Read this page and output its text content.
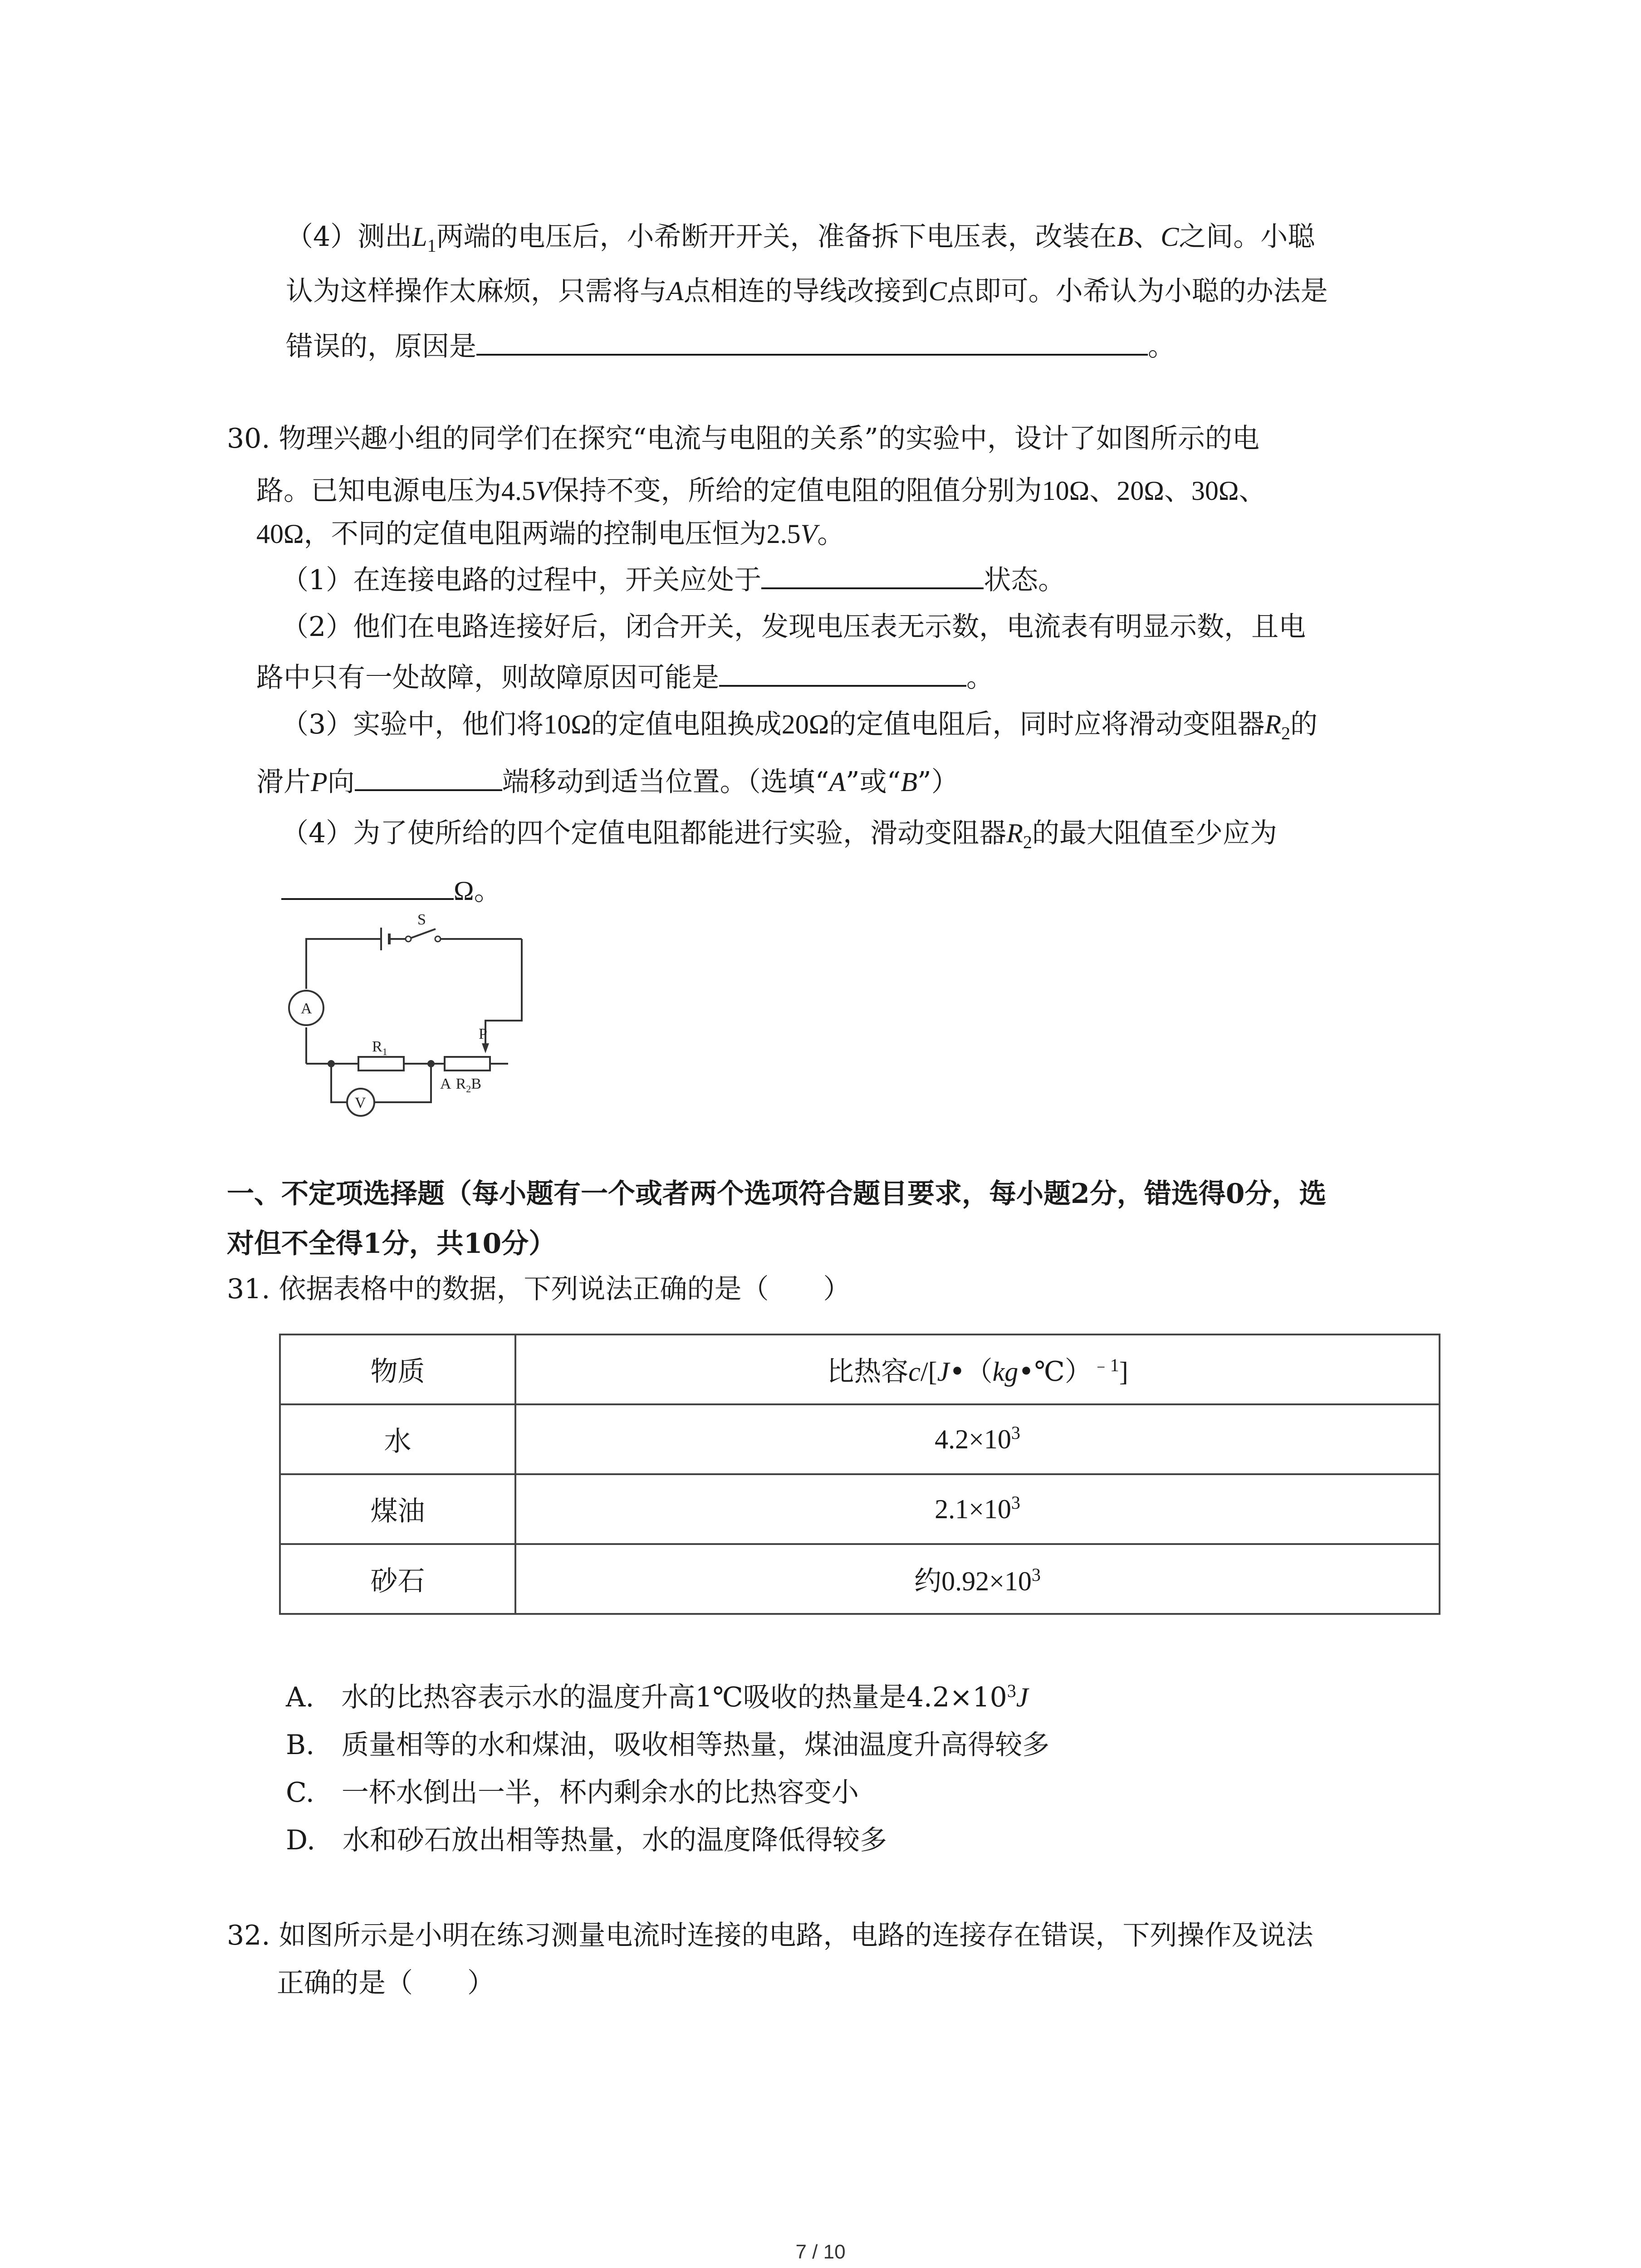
（4）测出$L_1$两端的电压后，小希断开开关，准备拆下电压表，改装在B、C之间。小聪
认为这样操作太麻烦，只需将与A点相连的导线改接到C点即可。小希认为小聪的办法是
错误的，原因是	。
30. 物理兴趣小组的同学们在探究“电流与电阻的关系”的实验中，设计了如图所示的电
路。已知电源电压为4.5V保持不变，所给的定值电阻的阻值分别为10Ω、20Ω、30Ω、
40Ω，不同的定值电阻两端的控制电压恒为2.5V。
（1）在连接电路的过程中，开关应处于	状态。
（2）他们在电路连接好后，闭合开关，发现电压表无示数，电流表有明显示数，且电
路中只有一处故障，则故障原因可能是	。
（3）实验中，他们将10Ω的定值电阻换成20Ω的定值电阻后，同时应将滑动变阻器$R_2$的
滑片P向	端移动到适当位置。（选填“A”或“B”）
（4）为了使所给的四个定值电阻都能进行实验，滑动变阻器$R_2$的最大阻值至少应为
Ω。
S
A
V
$R_1$
P
A $R_2B$
一、不定项选择题（每小题有一个或者两个选项符合题目要求，每小题2分，错选得0分，选
对但不全得1分，共10分）
31. 依据表格中的数据，下列说法正确的是（　　）
物质	比热容c/[J•（kg•℃）$^{﹣1}$]
水	$4.2\times 10^3$
煤油	$2.1\times 10^3$
砂石	约$0.92\times 10^3$
A.　 水的比热容表示水的温度升高1℃吸收的热量是$4.2\times 10^3J$
B.　 质量相等的水和煤油，吸收相等热量，煤油温度升高得较多
C.　 一杯水倒出一半，杯内剩余水的比热容变小
D.　 水和砂石放出相等热量，水的温度降低得较多
32. 如图所示是小明在练习测量电流时连接的电路，电路的连接存在错误，下列操作及说法
正确的是（　　）
7 / 10
